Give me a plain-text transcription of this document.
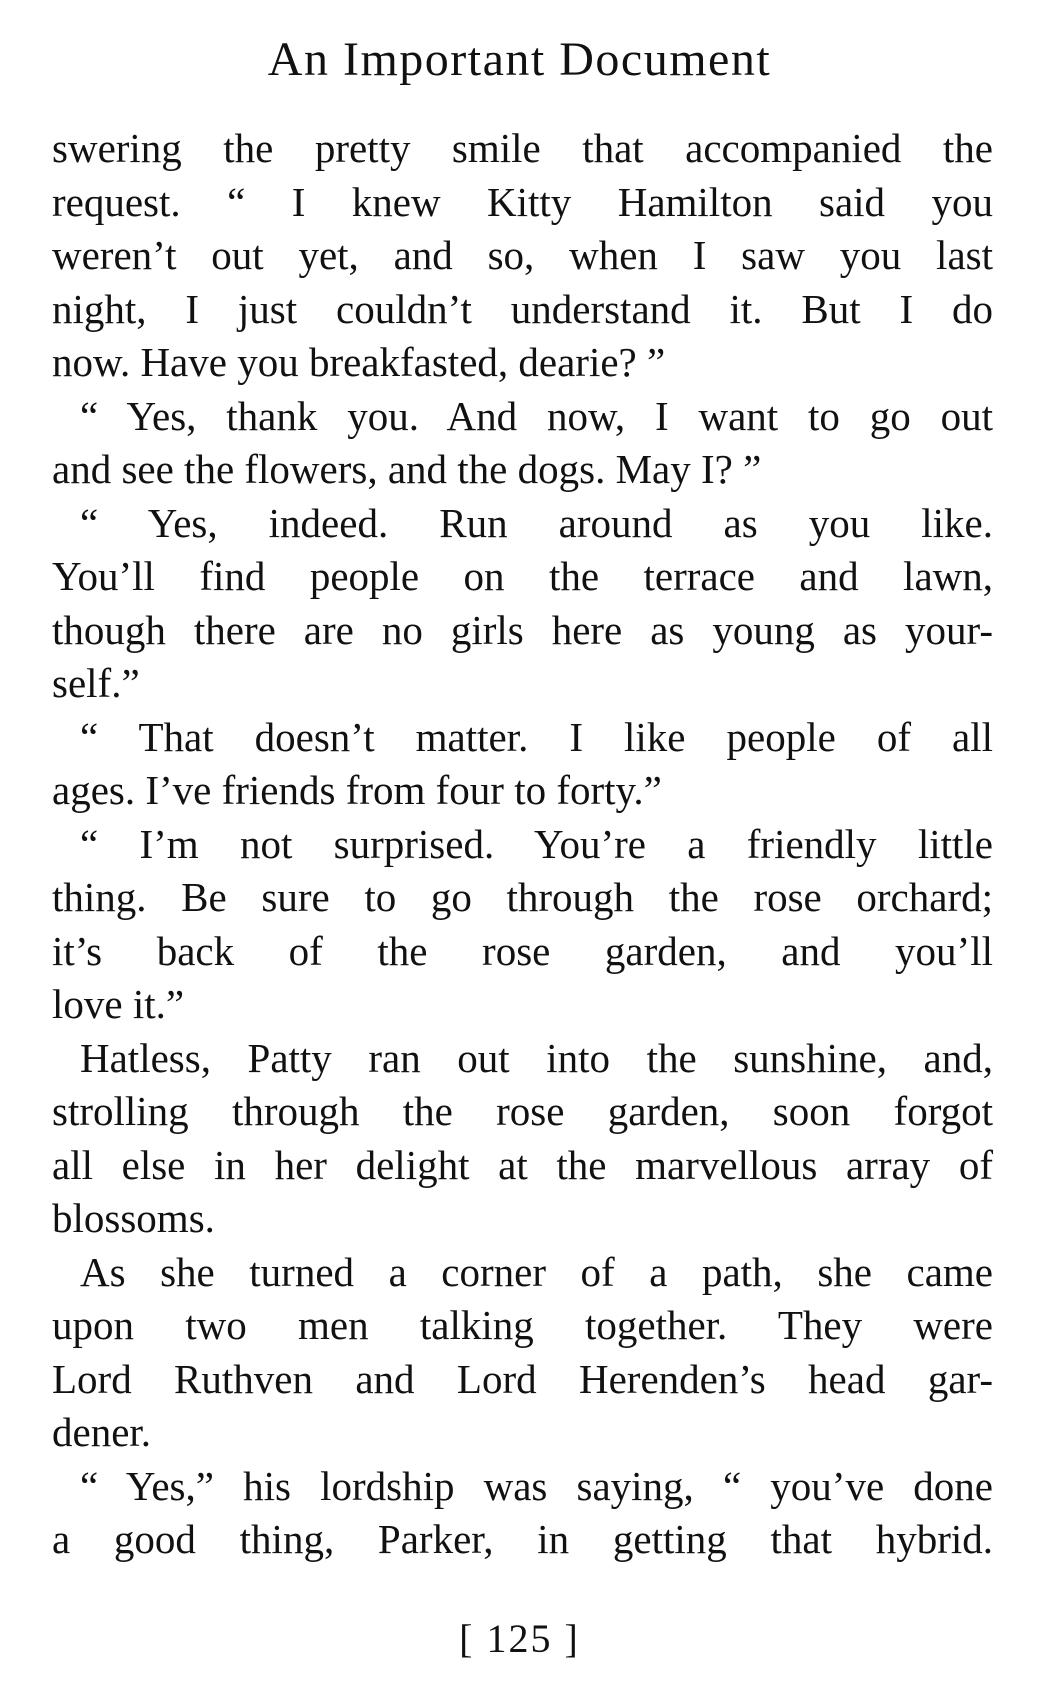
An Important Document
swering the pretty smile that accompanied the
request. “ I knew Kitty Hamilton said you
weren’t out yet, and so, when I saw you last
night, I just couldn’t understand it. But I do
now. Have you breakfasted, dearie? ”
“ Yes, thank you. And now, I want to go out
and see the flowers, and the dogs. May I? ”
“ Yes, indeed. Run around as you like.
You’ll find people on the terrace and lawn,
though there are no girls here as young as your-
self.”
“ That doesn’t matter. I like people of all
ages. I’ve friends from four to forty.”
“ I’m not surprised. You’re a friendly little
thing. Be sure to go through the rose orchard;
it’s back of the rose garden, and you’ll
love it.”
Hatless, Patty ran out into the sunshine, and,
strolling through the rose garden, soon forgot
all else in her delight at the marvellous array of
blossoms.
As she turned a corner of a path, she came
upon two men talking together. They were
Lord Ruthven and Lord Herenden’s head gar-
dener.
“ Yes,” his lordship was saying, “ you’ve done
a good thing, Parker, in getting that hybrid.
[ 125 ]
